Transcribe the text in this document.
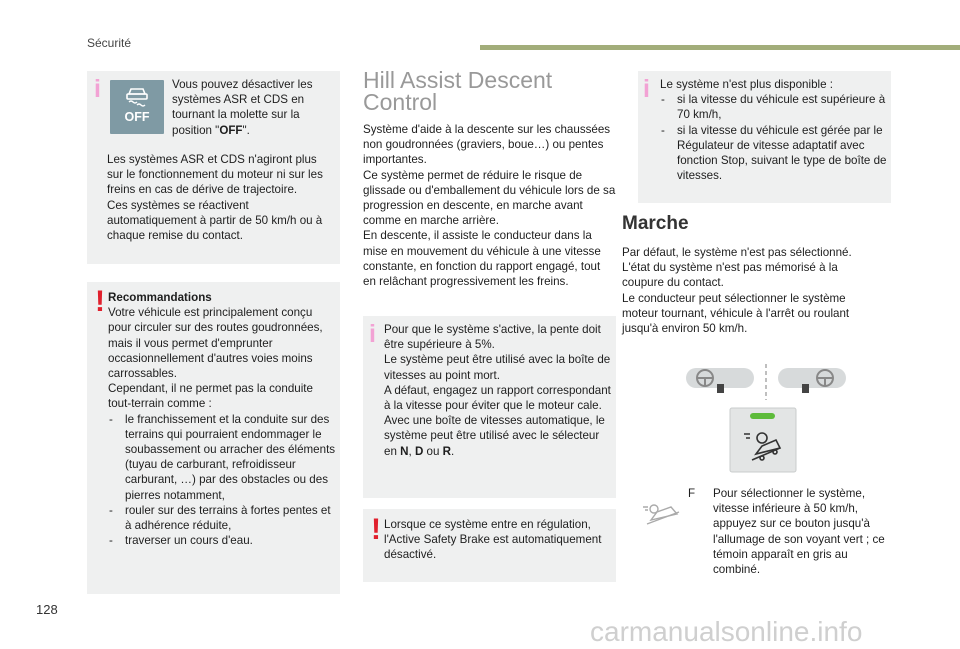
Sécurité
i
OFF

Vous pouvez désactiver les

systèmes ASR et CDS en

tournant la molette sur la

position "OFF".

Les systèmes ASR et CDS n'agiront plus sur le fonctionnement du moteur ni sur les freins en cas de dérive de trajectoire.

Ces systèmes se réactivent automatiquement à partir de 50 km/h ou à chaque remise du contact.

! Recommandations

Votre véhicule est principalement conçu pour circuler sur des routes goudronnées, mais il vous permet d'emprunter occasionnellement d'autres voies moins carrossables.

Cependant, il ne permet pas la conduite tout-terrain comme :

- le franchissement et la conduite sur des terrains qui pourraient endommager le soubassement ou arracher des éléments (tuyau de carburant, refroidisseur carburant, …) par des obstacles ou des pierres notamment,
- rouler sur des terrains à fortes pentes et à adhérence réduite,
- traverser un cours d'eau.
Hill Assist Descent
Control

Système d'aide à la descente sur les chaussées non goudronnées (graviers, boue…) ou pentes importantes.

Ce système permet de réduire le risque de glissade ou d'emballement du véhicule lors de sa progression en descente, en marche avant comme en marche arrière.

En descente, il assiste le conducteur dans la mise en mouvement du véhicule à une vitesse constante, en fonction du rapport engagé, tout en relâchant progressivement les freins.

i Pour que le système s'active, la pente doit être supérieure à 5%.

Le système peut être utilisé avec la boîte de vitesses au point mort.

A défaut, engagez un rapport correspondant à la vitesse pour éviter que le moteur cale.

Avec une boîte de vitesses automatique, le système peut être utilisé avec le sélecteur en N, D ou R.

! Lorsque ce système entre en régulation, l'Active Safety Brake est automatiquement désactivé.

i Le système n'est plus disponible :

- si la vitesse du véhicule est supérieure à 70 km/h,
- si la vitesse du véhicule est gérée par le Régulateur de vitesse adaptatif avec fonction Stop, suivant le type de boîte de vitesses.
Marche

Par défaut, le système n'est pas sélectionné.

L'état du système n'est pas mémorisé à la coupure du contact.

Le conducteur peut sélectionner le système moteur tournant, véhicule à l'arrêt ou roulant jusqu'à environ 50 km/h.

F	Pour sélectionner le système, vitesse inférieure à 50 km/h, appuyez sur ce bouton jusqu'à l'allumage de son voyant vert ; ce témoin apparaît en gris au combiné.

128
carmanualsonline.info
